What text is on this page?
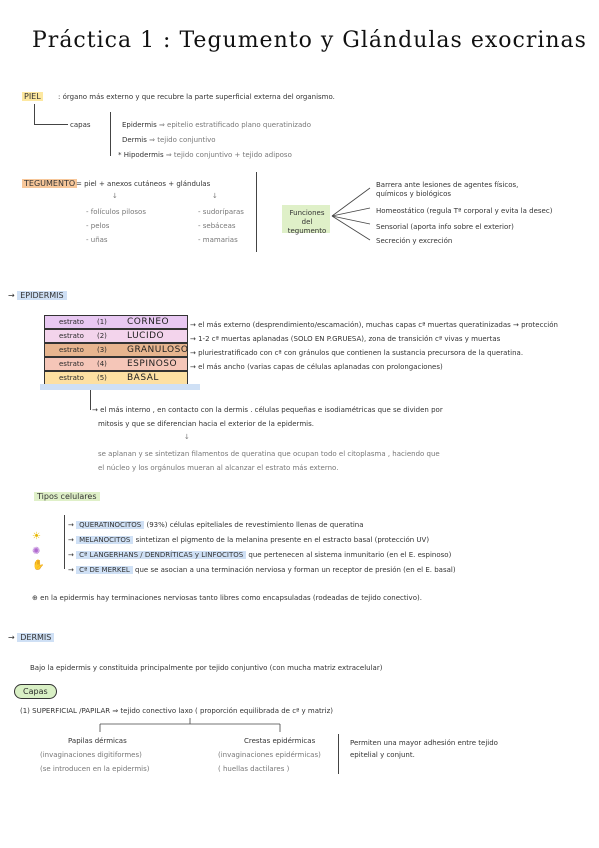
Práctica 1 : Tegumento y Glándulas exocrinas
PIEL : órgano más externo y que recubre la parte superficial externa del organismo.
capas	Epidermis ⇒ epitelio estratificado plano queratinizado
Dermis ⇒ tejido conjuntivo
* Hipodermis ⇒ tejido conjuntivo + tejido adiposo
TEGUMENTO = piel + anexos cutáneos + glándulas
↓	↓
- folículos pilosos
- pelos
- uñas
- sudoríparas
- sebáceas
- mamarias
Funciones del tegumento
Barrera ante lesiones de agentes físicos, químicos y biológicos
Homeostático (regula Tª corporal y evita la desec)
Sensorial (aporta info sobre el exterior)
Secreción y excreción
→ EPIDERMIS
estrato (1) CORNEO
estrato (2) LUCIDO
estrato (3) GRANULOSO
estrato (4) ESPINOSO
estrato (5) BASAL
→ el más externo (desprendimiento/escamación), muchas capas cª muertas queratinizadas → protección
→ 1-2 cª muertas aplanadas (SOLO EN P.GRUESA), zona de transición cª vivas y muertas
→ pluriestratificado con cª con gránulos que contienen la sustancia precursora de la queratina.
→ el más ancho (varias capas de células aplanadas con prolongaciones)
→ el más interno , en contacto con la dermis . células pequeñas e isodiamétricas que se dividen por
mitosis y que se diferencian hacia el exterior de la epidermis.
↓
se aplanan y se sintetizan filamentos de queratina que ocupan todo el citoplasma , haciendo que
el núcleo y los orgánulos mueran al alcanzar el estrato más externo.
Tipos celulares
☀
✺
✋
→ QUERATINOCITOS (93%) células epiteliales de revestimiento llenas de queratina
→ MELANOCITOS sintetizan el pigmento de la melanina presente en el estracto basal (protección UV)
→ Cª LANGERHANS / DENDRÍTICAS y LINFOCITOS que pertenecen al sistema inmunitario (en el E. espinoso)
→ Cª DE MERKEL que se asocian a una terminación nerviosa y forman un receptor de presión (en el E. basal)
⊕ en la epidermis hay terminaciones nerviosas tanto libres como encapsuladas (rodeadas de tejido conectivo).
→ DERMIS
Bajo la epidermis y constituida principalmente por tejido conjuntivo (con mucha matriz extracelular)
Capas
(1) SUPERFICIAL /PAPILAR ⇒ tejido conectivo laxo ( proporción equilibrada de cª y matriz)
Papilas dérmicas
(invaginaciones digitiformes)
(se introducen en la epidermis)
Crestas epidérmicas
(invaginaciones epidérmicas)
( huellas dactilares )
Permiten una mayor adhesión entre tejido epitelial y conjunt.
